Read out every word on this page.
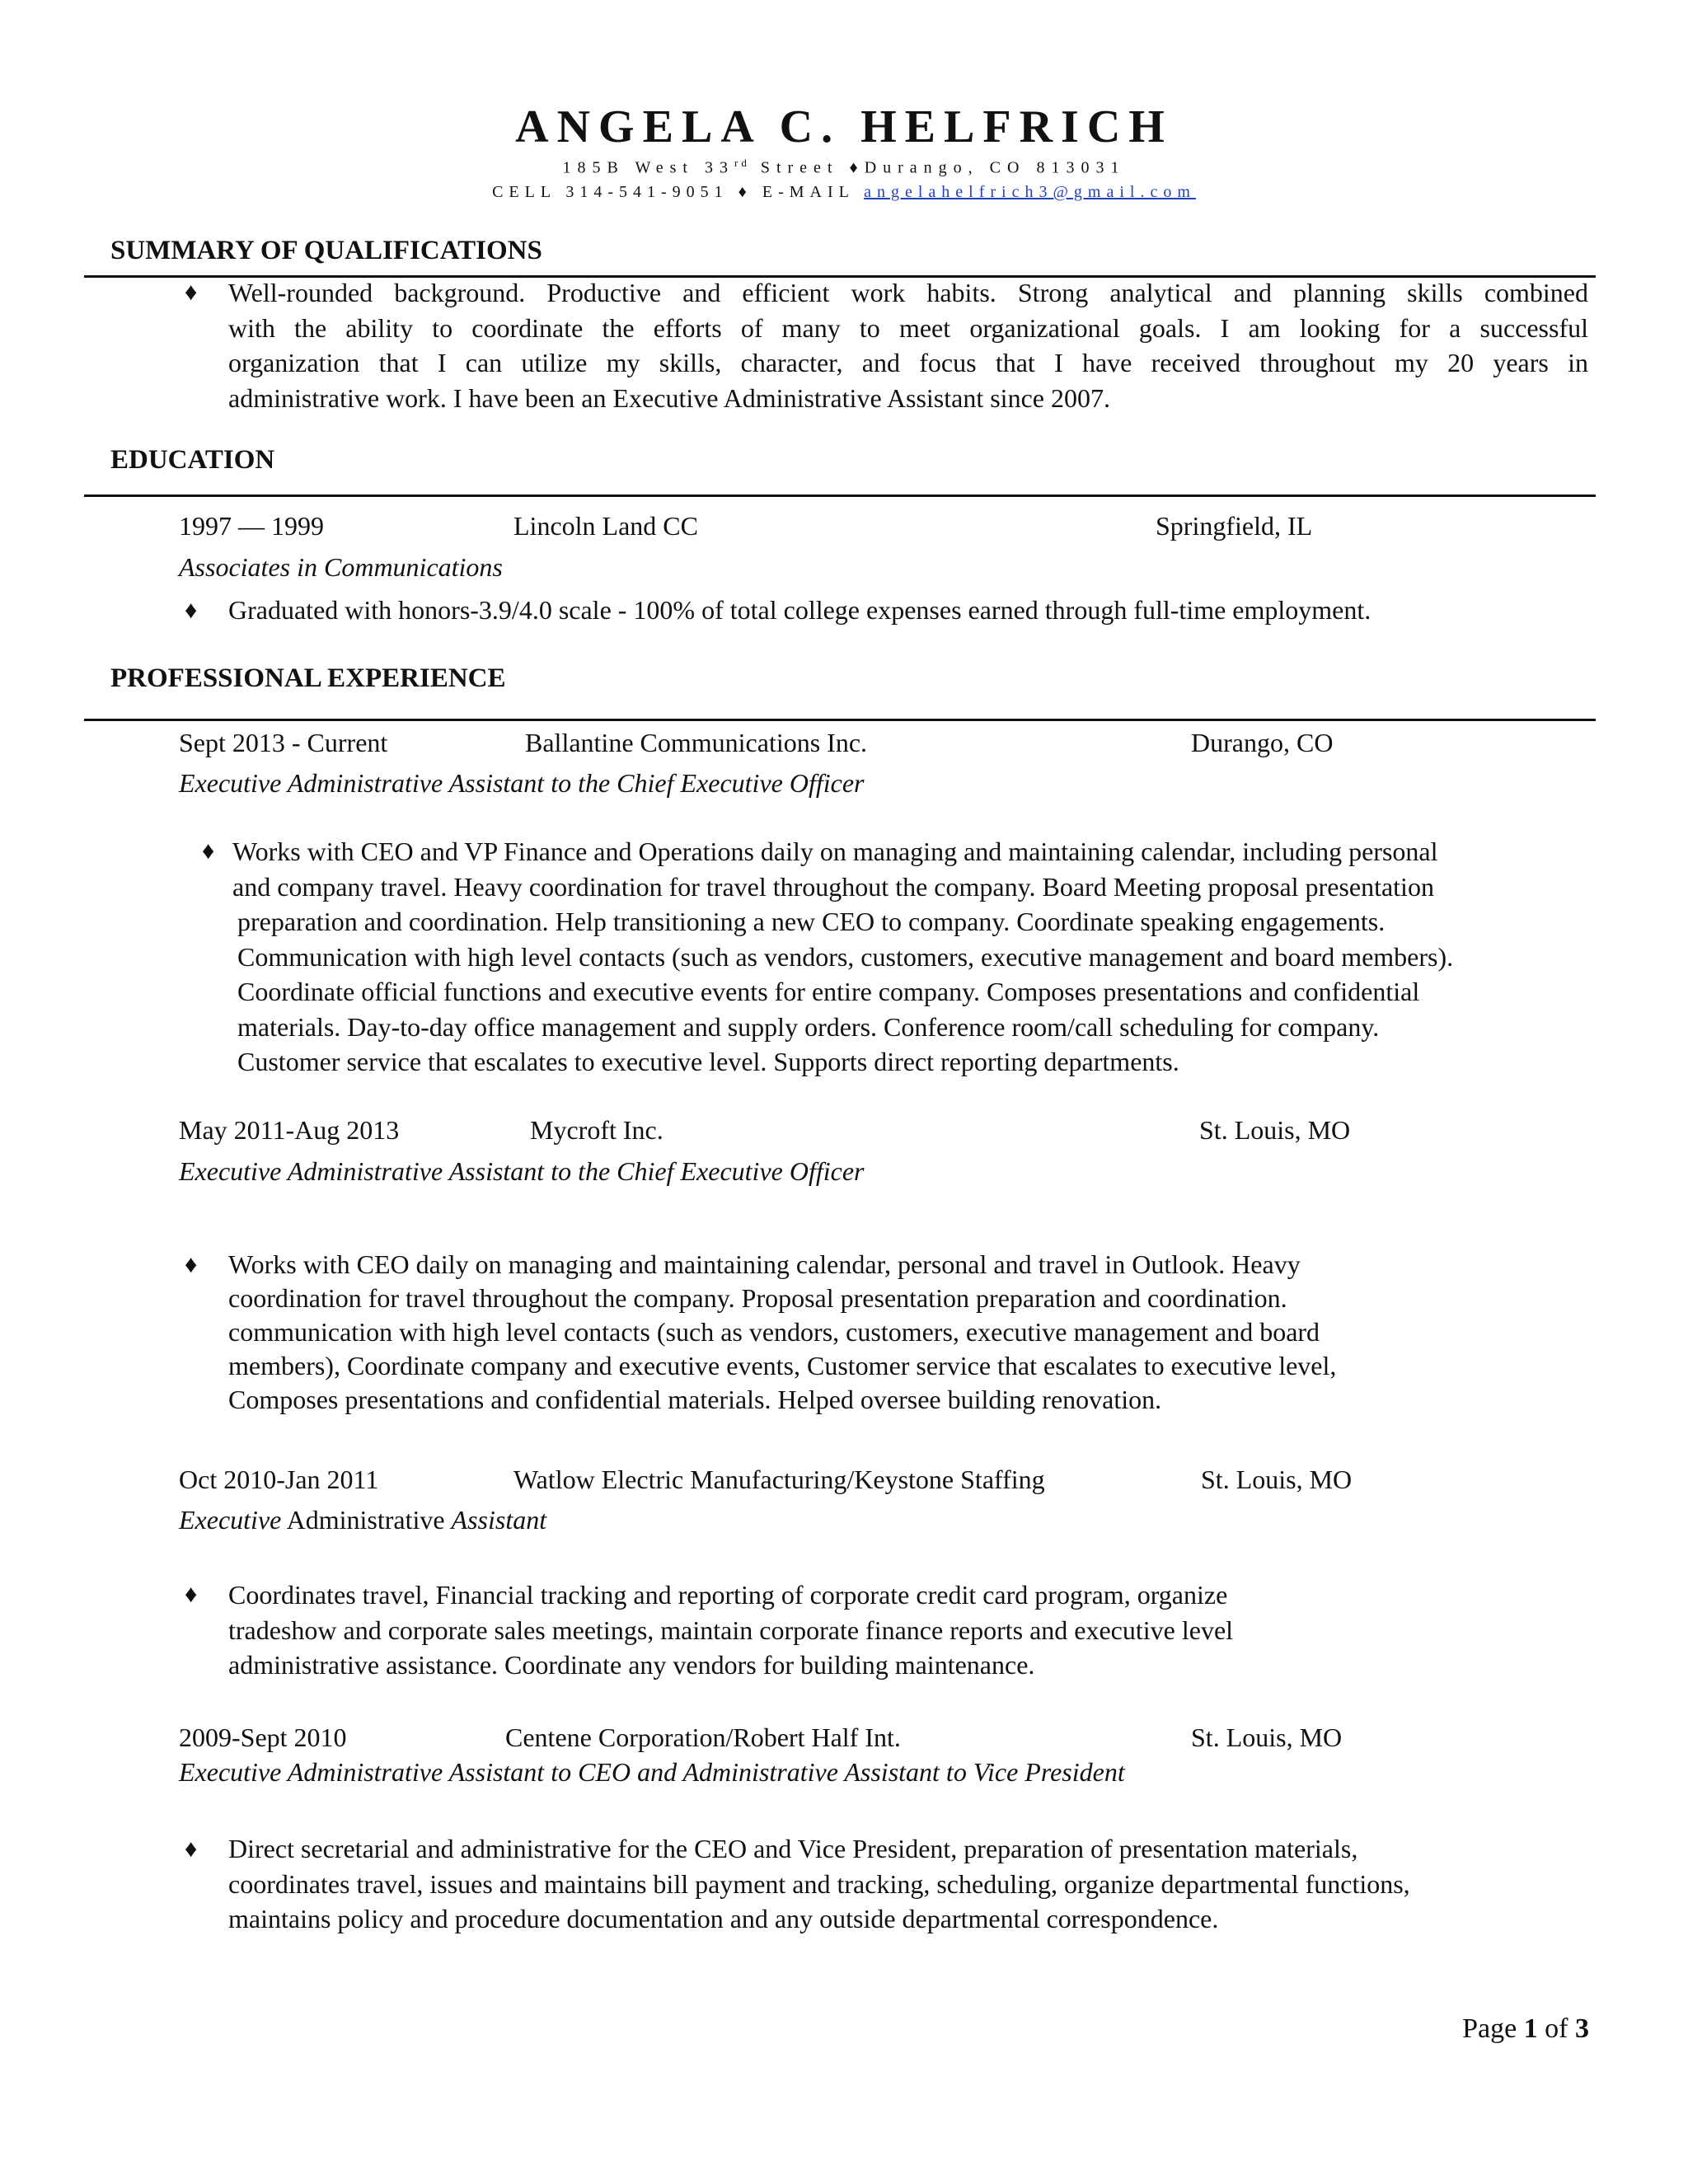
ANGELA C. HELFRICH
185B West 33rd Street ♦Durango, CO 813031
CELL 314-541-9051 ♦ E-MAIL angelahelfrich3@gmail.com
SUMMARY OF QUALIFICATIONS
♦ Well-rounded background. Productive and efficient work habits. Strong analytical and planning skills combined
with the ability to coordinate the efforts of many to meet organizational goals. I am looking for a successful
organization that I can utilize my skills, character, and focus that I have received throughout my 20 years in
administrative work. I have been an Executive Administrative Assistant since 2007.
EDUCATION
1997 — 1999	Lincoln Land CC	Springfield, IL
Associates in Communications
♦ Graduated with honors-3.9/4.0 scale - 100% of total college expenses earned through full-time employment.
PROFESSIONAL EXPERIENCE
Sept 2013 - Current	Ballantine Communications Inc.	Durango, CO
Executive Administrative Assistant to the Chief Executive Officer
♦ Works with CEO and VP Finance and Operations daily on managing and maintaining calendar, including personal
and company travel. Heavy coordination for travel throughout the company. Board Meeting proposal presentation
preparation and coordination. Help transitioning a new CEO to company. Coordinate speaking engagements.
Communication with high level contacts (such as vendors, customers, executive management and board members).
Coordinate official functions and executive events for entire company. Composes presentations and confidential
materials. Day-to-day office management and supply orders. Conference room/call scheduling for company.
Customer service that escalates to executive level. Supports direct reporting departments.
May 2011-Aug 2013	Mycroft Inc.	St. Louis, MO
Executive Administrative Assistant to the Chief Executive Officer
♦ Works with CEO daily on managing and maintaining calendar, personal and travel in Outlook. Heavy
coordination for travel throughout the company. Proposal presentation preparation and coordination.
communication with high level contacts (such as vendors, customers, executive management and board
members), Coordinate company and executive events, Customer service that escalates to executive level,
Composes presentations and confidential materials. Helped oversee building renovation.
Oct 2010-Jan 2011	Watlow Electric Manufacturing/Keystone Staffing	St. Louis, MO
Executive Administrative Assistant
♦ Coordinates travel, Financial tracking and reporting of corporate credit card program, organize
tradeshow and corporate sales meetings, maintain corporate finance reports and executive level
administrative assistance. Coordinate any vendors for building maintenance.
2009-Sept 2010	Centene Corporation/Robert Half Int.	St. Louis, MO
Executive Administrative Assistant to CEO and Administrative Assistant to Vice President
♦ Direct secretarial and administrative for the CEO and Vice President, preparation of presentation materials,
coordinates travel, issues and maintains bill payment and tracking, scheduling, organize departmental functions,
maintains policy and procedure documentation and any outside departmental correspondence.
Page 1 of 3
